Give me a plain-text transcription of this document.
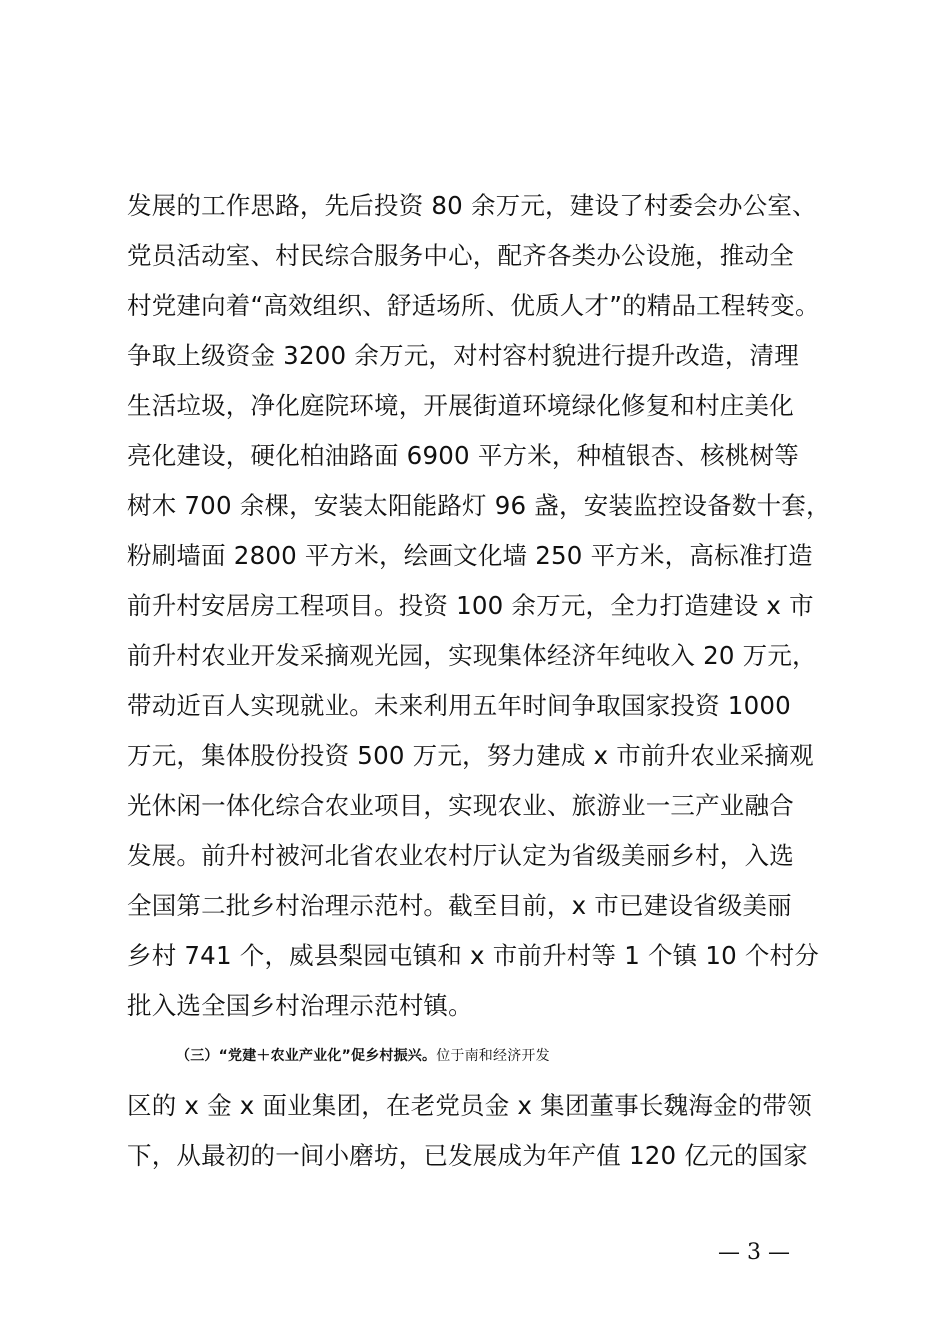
发展的工作思路，先后投资 80 余万元，建设了村委会办公室、
党员活动室、村民综合服务中心，配齐各类办公设施，推动全
村党建向着“高效组织、舒适场所、优质人才”的精品工程转变。
争取上级资金 3200 余万元，对村容村貌进行提升改造，清理
生活垃圾，净化庭院环境，开展街道环境绿化修复和村庄美化
亮化建设，硬化柏油路面 6900 平方米，种植银杏、核桃树等
树木 700 余棵，安装太阳能路灯 96 盏，安装监控设备数十套，
粉刷墙面 2800 平方米，绘画文化墙 250 平方米，高标准打造
前升村安居房工程项目。投资 100 余万元，全力打造建设 x 市
前升村农业开发采摘观光园，实现集体经济年纯收入 20 万元，
带动近百人实现就业。未来利用五年时间争取国家投资 1000
万元，集体股份投资 500 万元，努力建成 x 市前升农业采摘观
光休闲一体化综合农业项目，实现农业、旅游业一三产业融合
发展。前升村被河北省农业农村厅认定为省级美丽乡村，入选
全国第二批乡村治理示范村。截至目前，x 市已建设省级美丽
乡村 741 个，威县梨园屯镇和 x 市前升村等 1 个镇 10 个村分
批入选全国乡村治理示范村镇。
（三）“党建＋农业产业化”促乡村振兴。位于南和经济开发
区的 x 金 x 面业集团，在老党员金 x 集团董事长魏海金的带领
下，从最初的一间小磨坊，已发展成为年产值 120 亿元的国家
— 3 —
